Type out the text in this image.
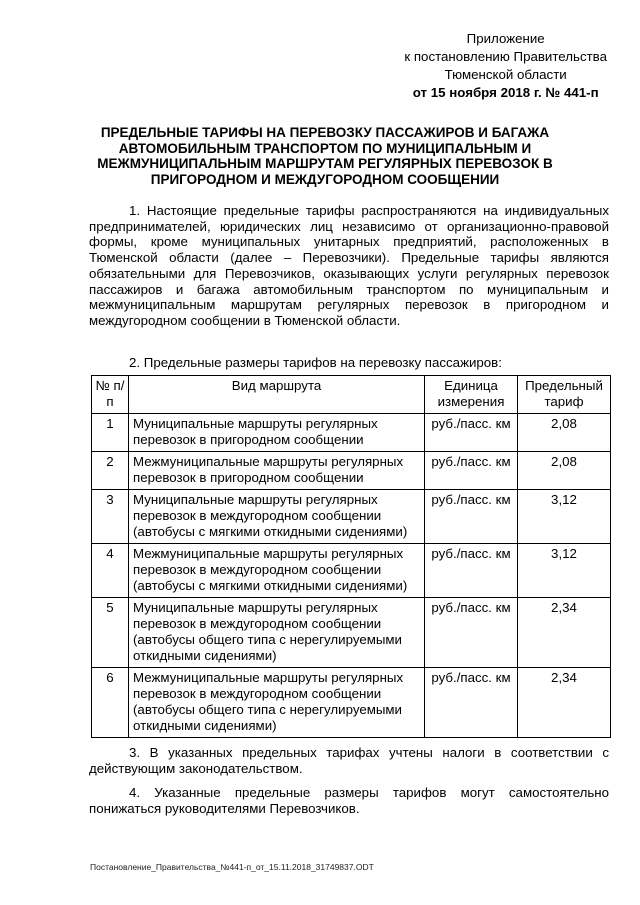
Приложение
к постановлению Правительства
Тюменской области
от 15 ноября 2018 г. № 441-п
ПРЕДЕЛЬНЫЕ ТАРИФЫ НА ПЕРЕВОЗКУ ПАССАЖИРОВ И БАГАЖА АВТОМОБИЛЬНЫМ ТРАНСПОРТОМ ПО МУНИЦИПАЛЬНЫМ И МЕЖМУНИЦИПАЛЬНЫМ МАРШРУТАМ РЕГУЛЯРНЫХ ПЕРЕВОЗОК В ПРИГОРОДНОМ И МЕЖДУГОРОДНОМ СООБЩЕНИИ
1. Настоящие предельные тарифы распространяются на индивидуальных предпринимателей, юридических лиц независимо от организационно-правовой формы, кроме муниципальных унитарных предприятий, расположенных в Тюменской области (далее – Перевозчики). Предельные тарифы являются обязательными для Перевозчиков, оказывающих услуги регулярных перевозок пассажиров и багажа автомобильным транспортом по муниципальным и межмуниципальным маршрутам регулярных перевозок в пригородном и междугородном сообщении в Тюменской области.
2. Предельные размеры тарифов на перевозку пассажиров:
№ п/п	Вид маршрута	Единица измерения	Предельный тариф
1	Муниципальные маршруты регулярных перевозок в пригородном сообщении	руб./пасс. км	2,08
2	Межмуниципальные маршруты регулярных перевозок в пригородном сообщении	руб./пасс. км	2,08
3	Муниципальные маршруты регулярных перевозок в междугородном сообщении (автобусы с мягкими откидными сидениями)	руб./пасс. км	3,12
4	Межмуниципальные маршруты регулярных перевозок в междугородном сообщении (автобусы с мягкими откидными сидениями)	руб./пасс. км	3,12
5	Муниципальные маршруты регулярных перевозок в междугородном сообщении (автобусы общего типа с нерегулируемыми откидными сидениями)	руб./пасс. км	2,34
6	Межмуниципальные маршруты регулярных перевозок в междугородном сообщении (автобусы общего типа с нерегулируемыми откидными сидениями)	руб./пасс. км	2,34
3. В указанных предельных тарифах учтены налоги в соответствии с действующим законодательством.
4. Указанные предельные размеры тарифов могут самостоятельно понижаться руководителями Перевозчиков.
Постановление_Правительства_№441-п_от_15.11.2018_31749837.ODT
